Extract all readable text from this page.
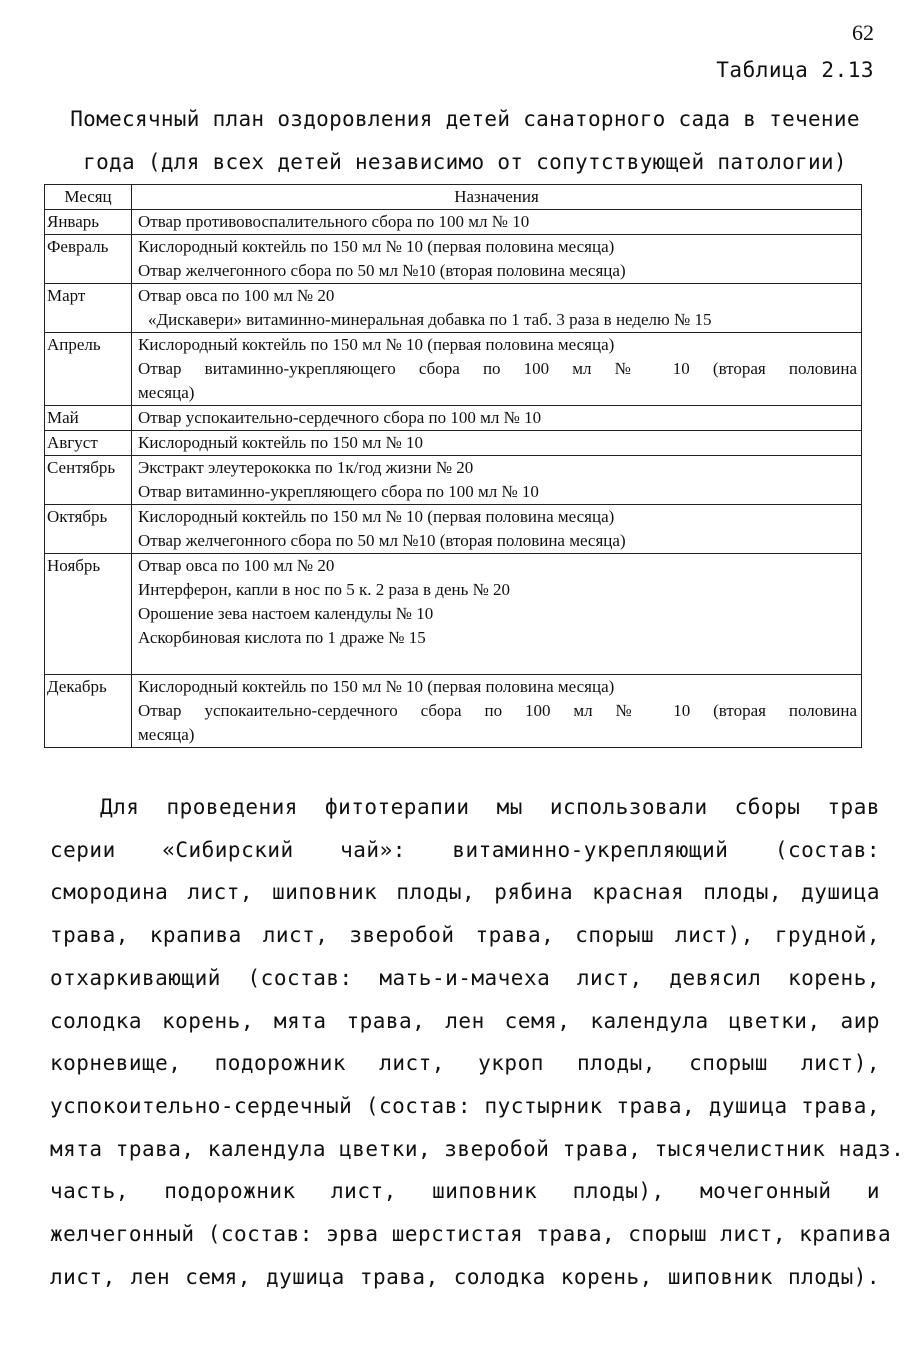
62
Таблица 2.13
Помесячный план оздоровления детей санаторного сада в течение
года (для всех детей независимо от сопутствующей патологии)
Месяц	Назначения
Январь	Отвар противовоспалительного сбора по 100 мл № 10

Февраль	Кислородный коктейль по 150 мл № 10 (первая половина месяца)
Отвар желчегонного сбора по 50 мл №10 (вторая половина месяца)

Март	Отвар овса по 100 мл № 20
«Дискавери» витаминно-минеральная добавка по 1 таб. 3 раза в неделю № 15

Апрель	Кислородный коктейль по 150 мл № 10 (первая половина месяца)
Отвар витаминно-укрепляющего сбора по 100 мл № 10 (вторая половина
месяца)

Май	Отвар успокаительно-сердечного сбора по 100 мл № 10

Август	Кислородный коктейль по 150 мл № 10

Сентябрь	Экстракт элеутерококка по 1к/год жизни № 20
Отвар витаминно-укрепляющего сбора по 100 мл № 10

Октябрь	Кислородный коктейль по 150 мл № 10 (первая половина месяца)
Отвар желчегонного сбора по 50 мл №10 (вторая половина месяца)

Ноябрь	Отвар овса по 100 мл № 20
Интерферон, капли в нос по 5 к. 2 раза в день № 20
Орошение зева настоем календулы № 10
Аскорбиновая кислота по 1 драже № 15

Декабрь	Кислородный коктейль по 150 мл № 10 (первая половина месяца)
Отвар успокаительно-сердечного сбора по 100 мл № 10 (вторая половина
месяца)
Для проведения фитотерапии мы использовали сборы трав
серии «Сибирский чай»: витаминно-укрепляющий (состав:
смородина лист, шиповник плоды, рябина красная плоды, душица
трава, крапива лист, зверобой трава, спорыш лист), грудной,
отхаркивающий (состав: мать-и-мачеха лист, девясил корень,
солодка корень, мята трава, лен семя, календула цветки, аир
корневище, подорожник лист, укроп плоды, спорыш лист),
успокоительно-сердечный (состав: пустырник трава, душица трава,
мята трава, календула цветки, зверобой трава, тысячелистник надз.
часть, подорожник лист, шиповник плоды), мочегонный и
желчегонный (состав: эрва шерстистая трава, спорыш лист, крапива
лист, лен семя, душица трава, солодка корень, шиповник плоды).
